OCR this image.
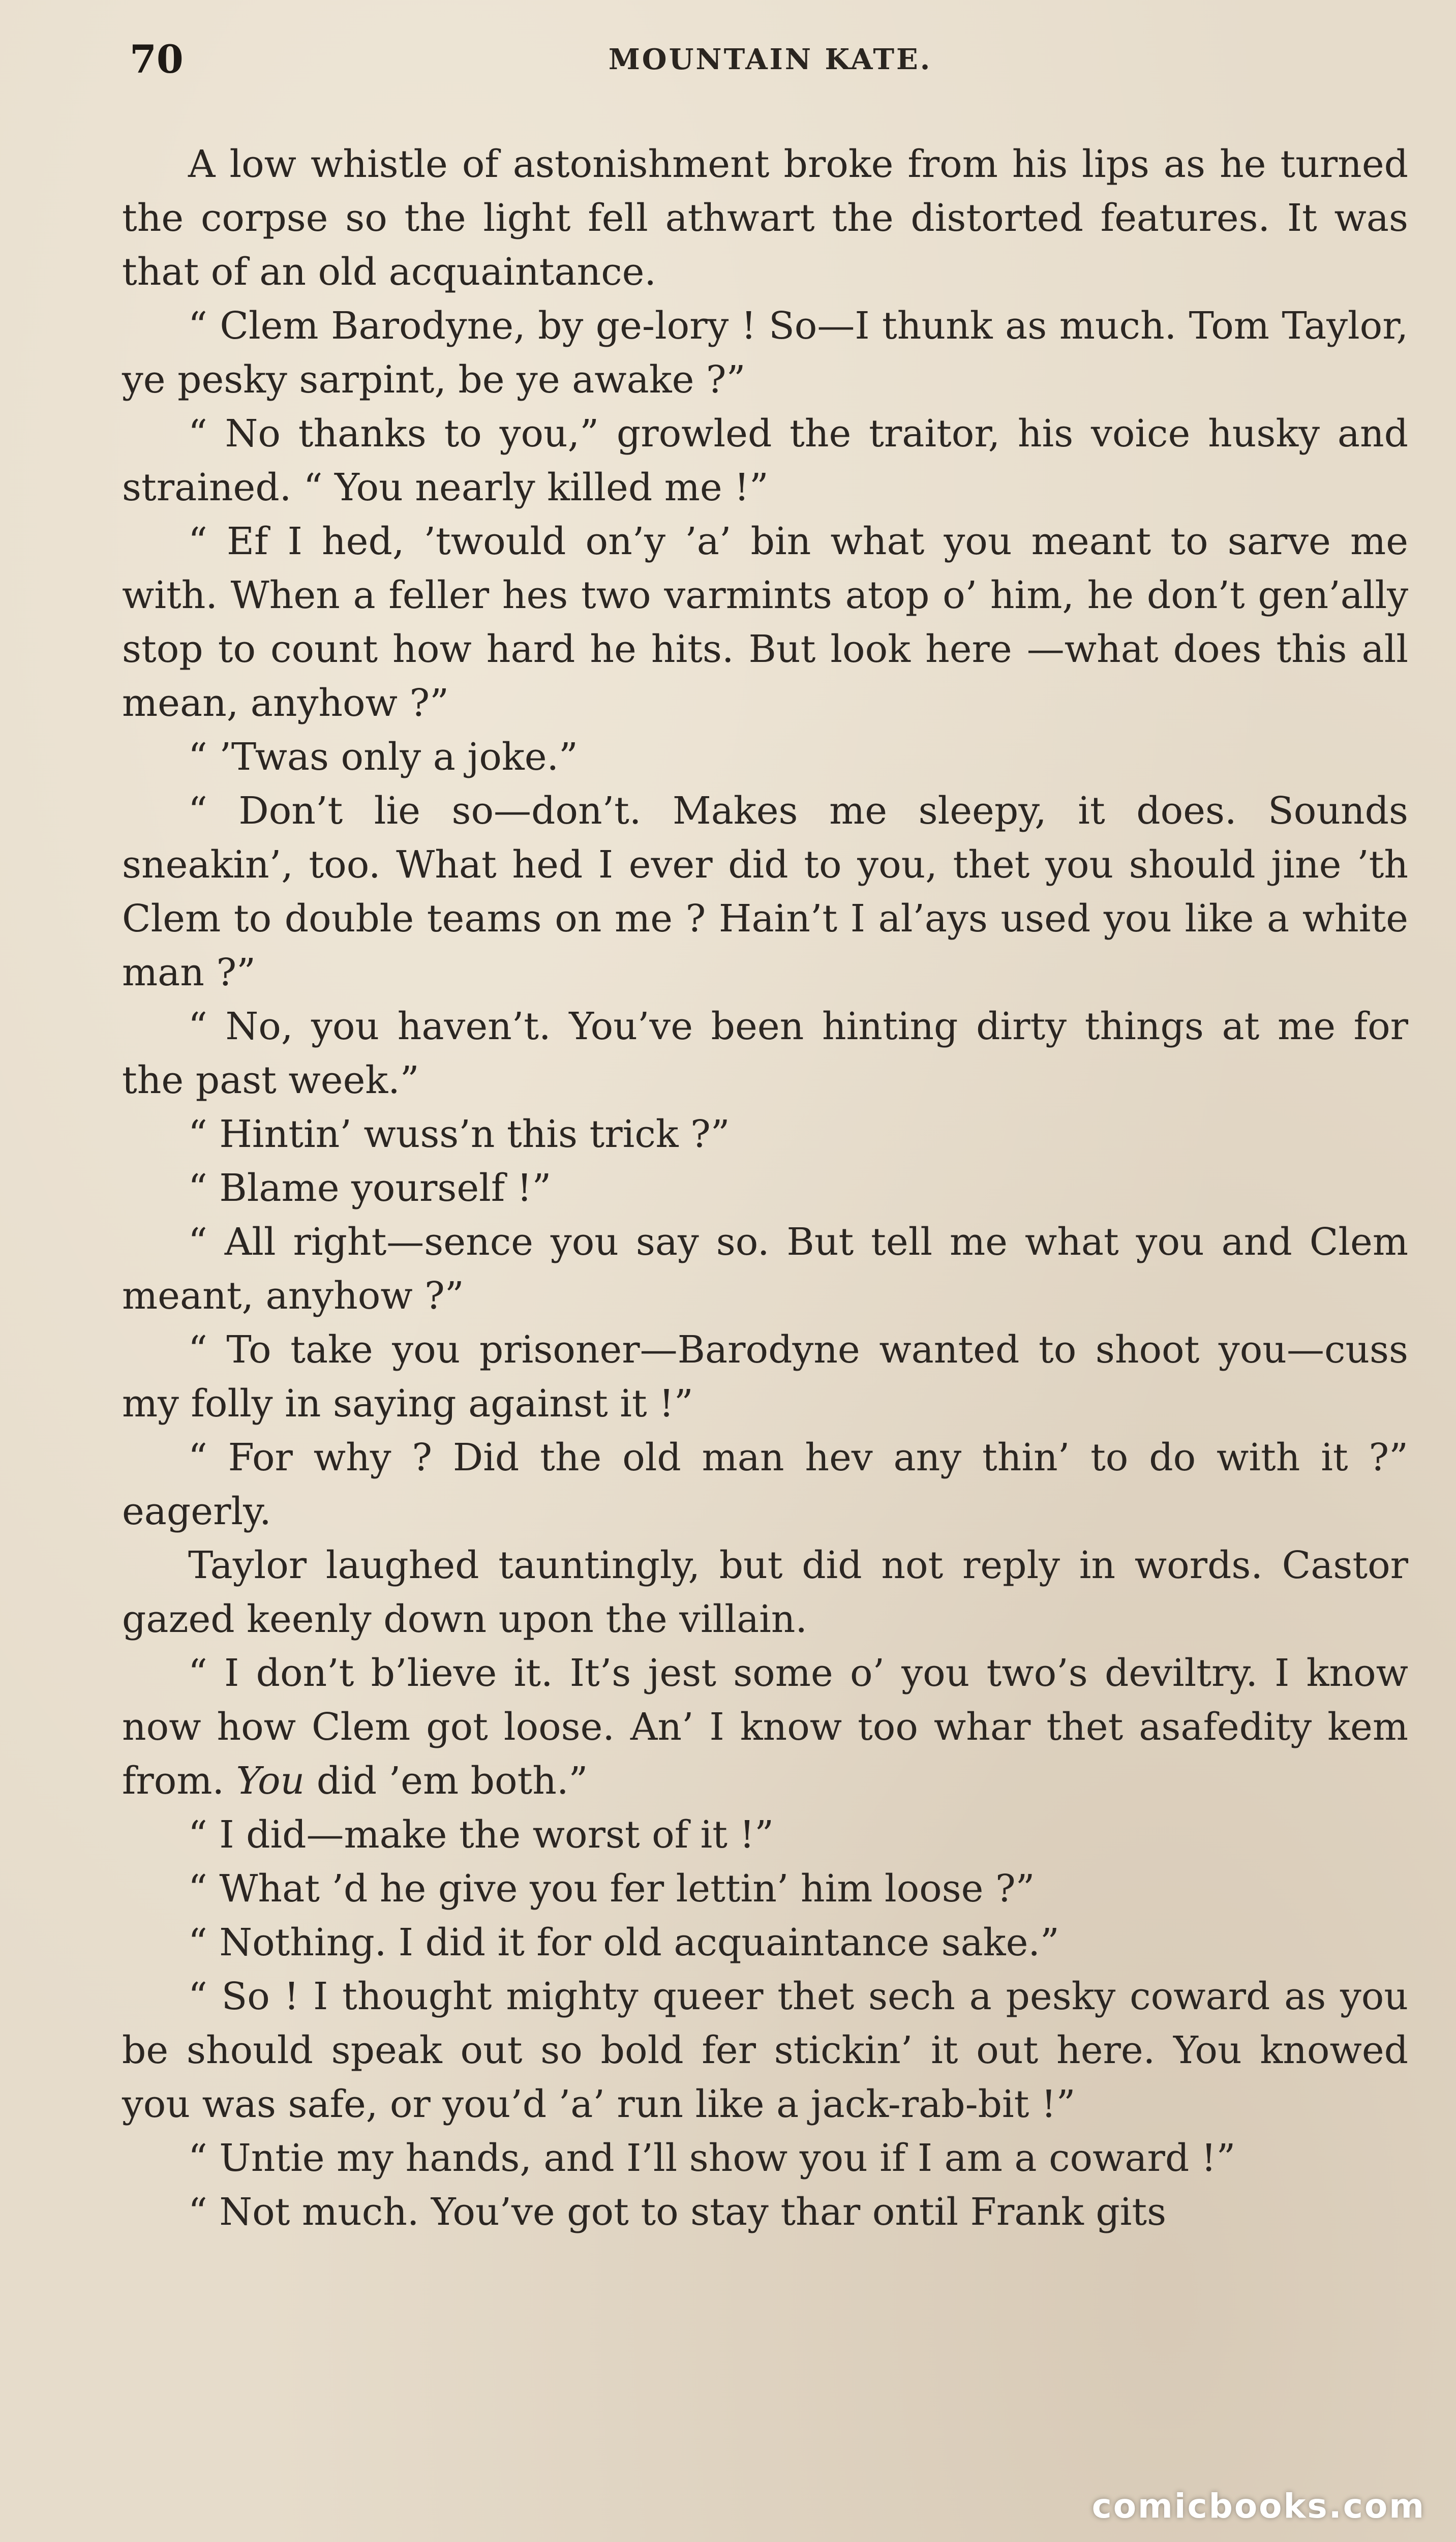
70	MOUNTAIN KATE.

A low whistle of astonishment broke from his lips as he turned the corpse so the light fell athwart the distorted features. It was that of an old acquaintance.

“ Clem Barodyne, by ge-lory ! So—I thunk as much. Tom Taylor, ye pesky sarpint, be ye awake ?”

“ No thanks to you,” growled the traitor, his voice husky and strained. “ You nearly killed me !”

“ Ef I hed, ’twould on’y ’a’ bin what you meant to sarve me with. When a feller hes two varmints atop o’ him, he don’t gen’ally stop to count how hard he hits. But look here —what does this all mean, anyhow ?”

“ ’Twas only a joke.”

“ Don’t lie so—don’t. Makes me sleepy, it does. Sounds sneakin’, too. What hed I ever did to you, thet you should jine ’th Clem to double teams on me ? Hain’t I al’ays used you like a white man ?”

“ No, you haven’t. You’ve been hinting dirty things at me for the past week.”

“ Hintin’ wuss’n this trick ?”

“ Blame yourself !”

“ All right—sence you say so. But tell me what you and Clem meant, anyhow ?”

“ To take you prisoner—Barodyne wanted to shoot you—cuss my folly in saying against it !”

“ For why ? Did the old man hev any thin’ to do with it ?” eagerly.

Taylor laughed tauntingly, but did not reply in words. Castor gazed keenly down upon the villain.

“ I don’t b’lieve it. It’s jest some o’ you two’s deviltry. I know now how Clem got loose. An’ I know too whar thet asafedity kem from. You did ’em both.”

“ I did—make the worst of it !”

“ What ’d he give you fer lettin’ him loose ?”

“ Nothing. I did it for old acquaintance sake.”

“ So ! I thought mighty queer thet sech a pesky coward as you be should speak out so bold fer stickin’ it out here. You knowed you was safe, or you’d ’a’ run like a jack-rab-bit !”

“ Untie my hands, and I’ll show you if I am a coward !”

“ Not much. You’ve got to stay thar ontil Frank gits

comicbooks.com
